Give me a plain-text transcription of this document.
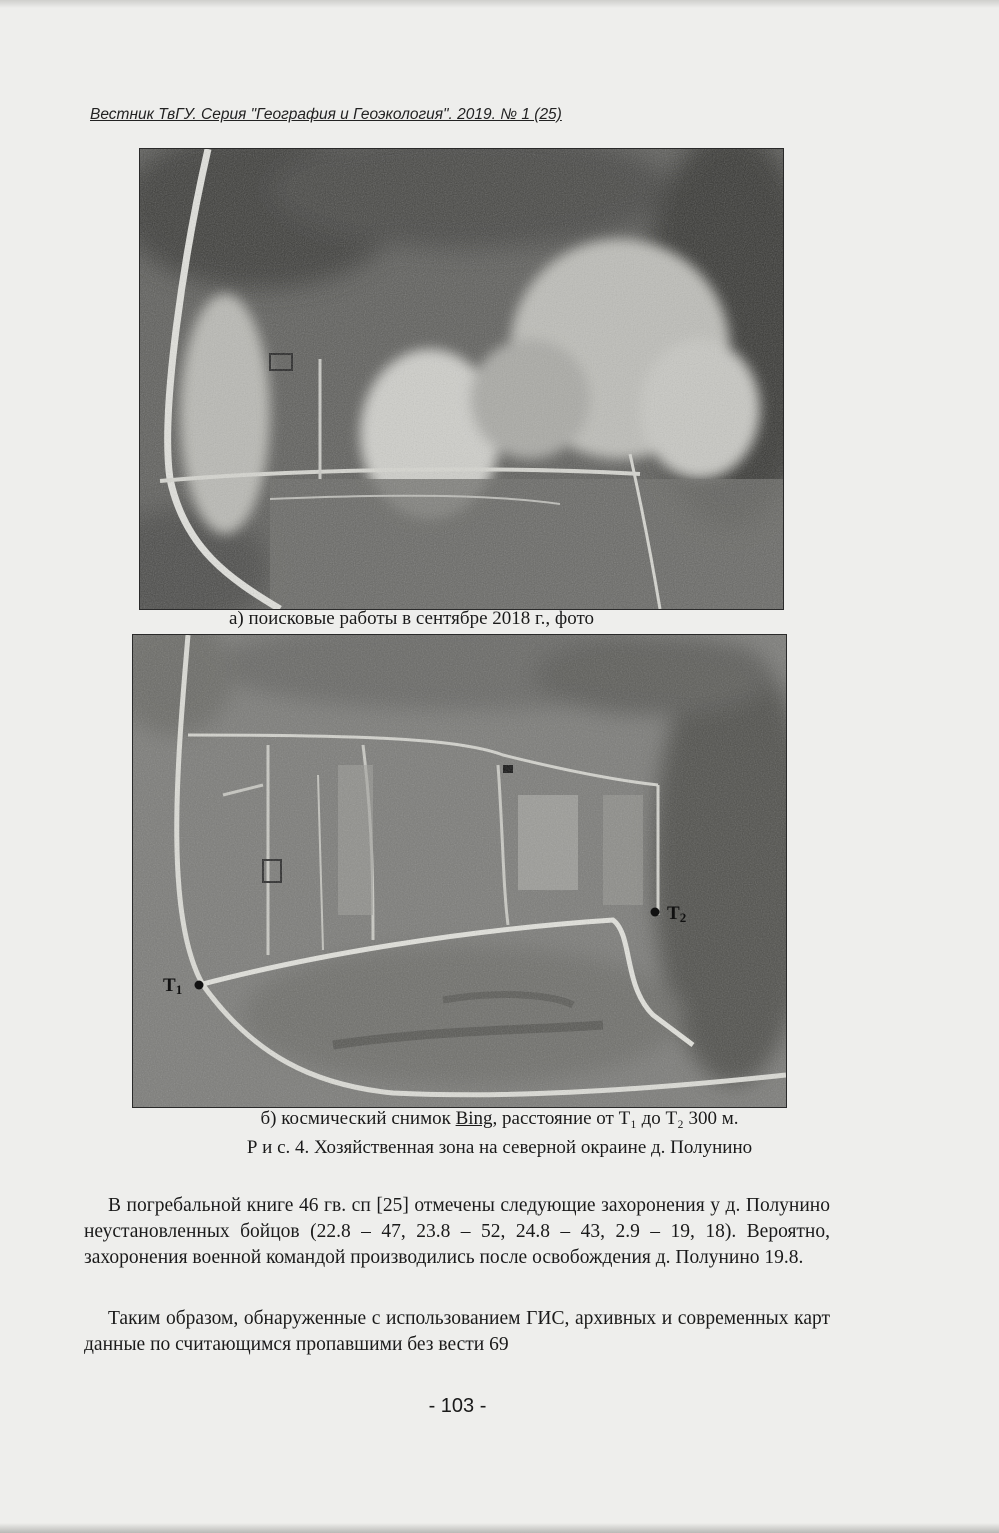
Вестник ТвГУ. Серия "География и Геоэкология". 2019. № 1 (25)
а) поисковые работы в сентябре 2018 г., фото
T1
T2
б) космический снимок Bing, расстояние от T₁ до T₂ 300 м.
Р и с. 4. Хозяйственная зона на северной окраине д. Полунино

В погребальной книге 46 гв. сп [25] отмечены следующие захоронения у д. Полунино неустановленных бойцов (22.8 – 47, 23.8 – 52, 24.8 – 43, 2.9 – 19, 18). Вероятно, захоронения военной командой производились после освобождения д. Полунино 19.8.

Таким образом, обнаруженные с использованием ГИС, архивных и современных карт данные по считающимся пропавшими без вести 69

- 103 -
